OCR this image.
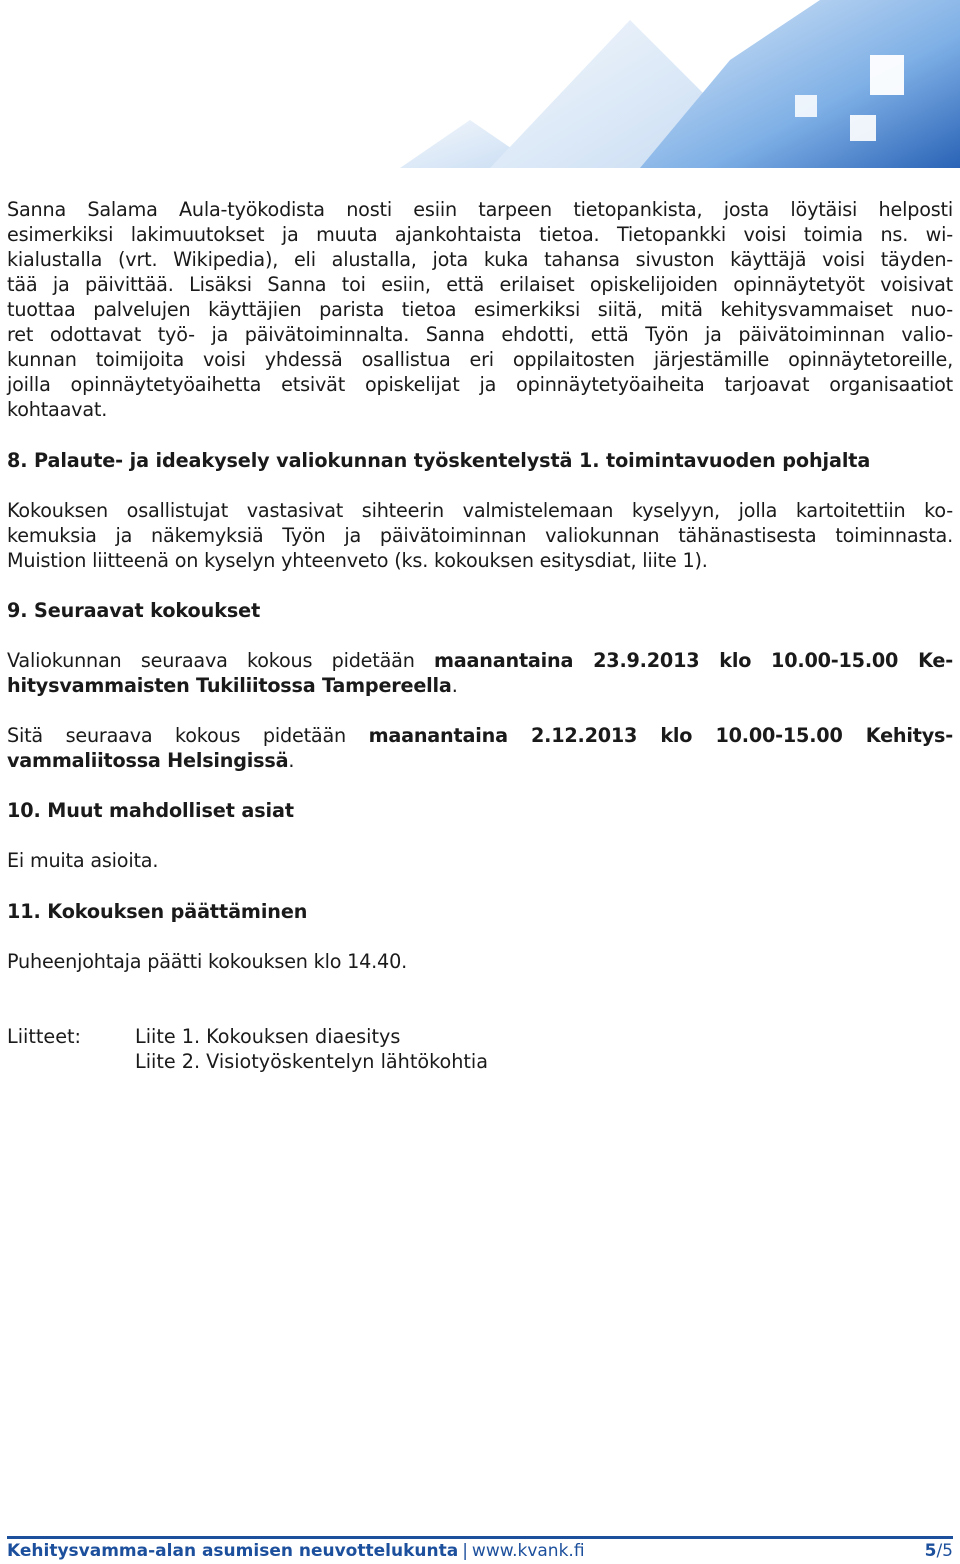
Sanna Salama Aula-työkodista nosti esiin tarpeen tietopankista, josta löytäisi helposti
esimerkiksi lakimuutokset ja muuta ajankohtaista tietoa. Tietopankki voisi toimia ns. wi-
kialustalla (vrt. Wikipedia), eli alustalla, jota kuka tahansa sivuston käyttäjä voisi täyden-
tää ja päivittää. Lisäksi Sanna toi esiin, että erilaiset opiskelijoiden opinnäytetyöt voisivat
tuottaa palvelujen käyttäjien parista tietoa esimerkiksi siitä, mitä kehitysvammaiset nuo-
ret odottavat työ- ja päivätoiminnalta. Sanna ehdotti, että Työn ja päivätoiminnan valio-
kunnan toimijoita voisi yhdessä osallistua eri oppilaitosten järjestämille opinnäytetoreille,
joilla opinnäytetyöaihetta etsivät opiskelijat ja opinnäytetyöaiheita tarjoavat organisaatiot
kohtaavat.
8. Palaute- ja ideakysely valiokunnan työskentelystä 1. toimintavuoden pohjalta
Kokouksen osallistujat vastasivat sihteerin valmistelemaan kyselyyn, jolla kartoitettiin ko-
kemuksia ja näkemyksiä Työn ja päivätoiminnan valiokunnan tähänastisesta toiminnasta.
Muistion liitteenä on kyselyn yhteenveto (ks. kokouksen esitysdiat, liite 1).
9. Seuraavat kokoukset
Valiokunnan seuraava kokous pidetään maanantaina 23.9.2013 klo 10.00-15.00 Ke-
hitysvammaisten Tukiliitossa Tampereella.
Sitä seuraava kokous pidetään maanantaina 2.12.2013 klo 10.00-15.00 Kehitys-
vammaliitossa Helsingissä.
10. Muut mahdolliset asiat
Ei muita asioita.
11. Kokouksen päättäminen
Puheenjohtaja päätti kokouksen klo 14.40.
Liitteet:	Liite 1. Kokouksen diaesitys
Liite 2. Visiotyöskentelyn lähtökohtia
Kehitysvamma-alan asumisen neuvottelukunta | www.kvank.fi	5/5
